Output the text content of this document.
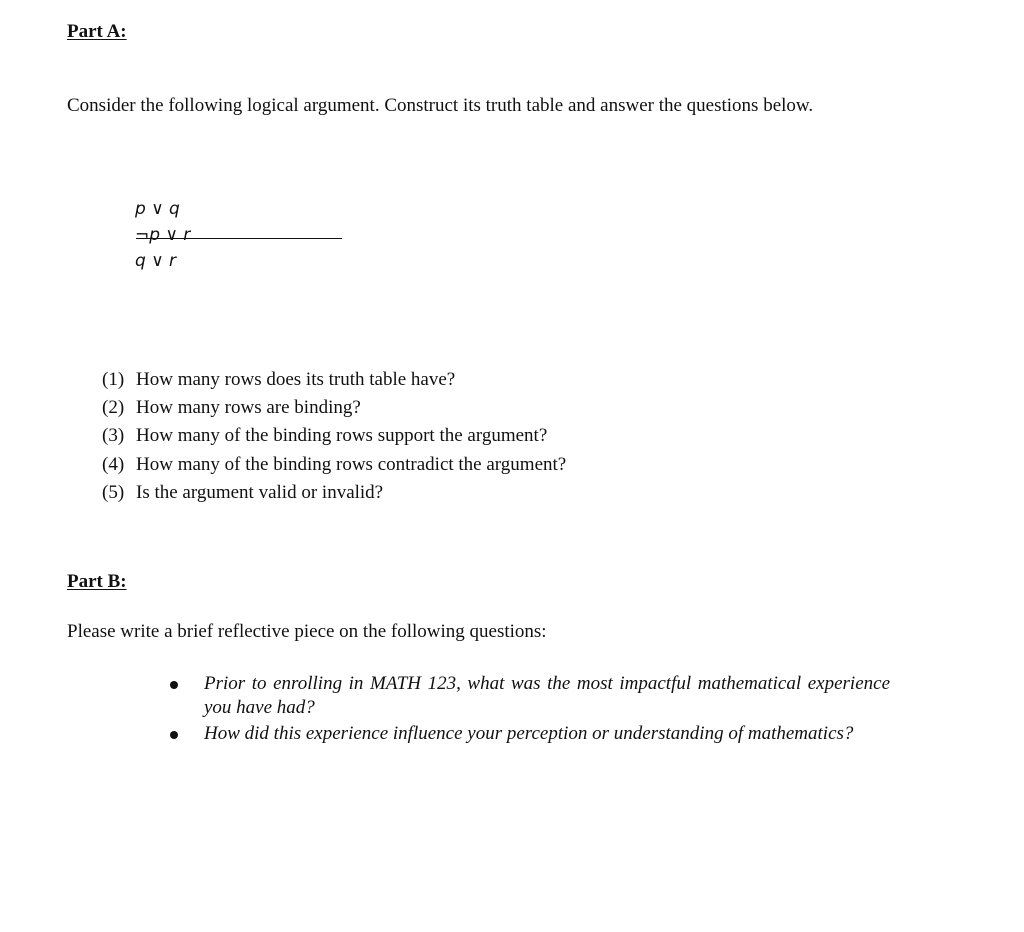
Part A:

Consider the following logical argument. Construct its truth table and answer the questions below.

p ∨ q
¬p ∨ r
q ∨ r
(1) How many rows does its truth table have?
(2) How many rows are binding?
(3) How many of the binding rows support the argument?
(4) How many of the binding rows contradict the argument?
(5) Is the argument valid or invalid?
Part B:

Please write a brief reflective piece on the following questions:

Prior to enrolling in MATH 123, what was the most impactful mathematical experience you have had?
How did this experience influence your perception or understanding of mathematics?
